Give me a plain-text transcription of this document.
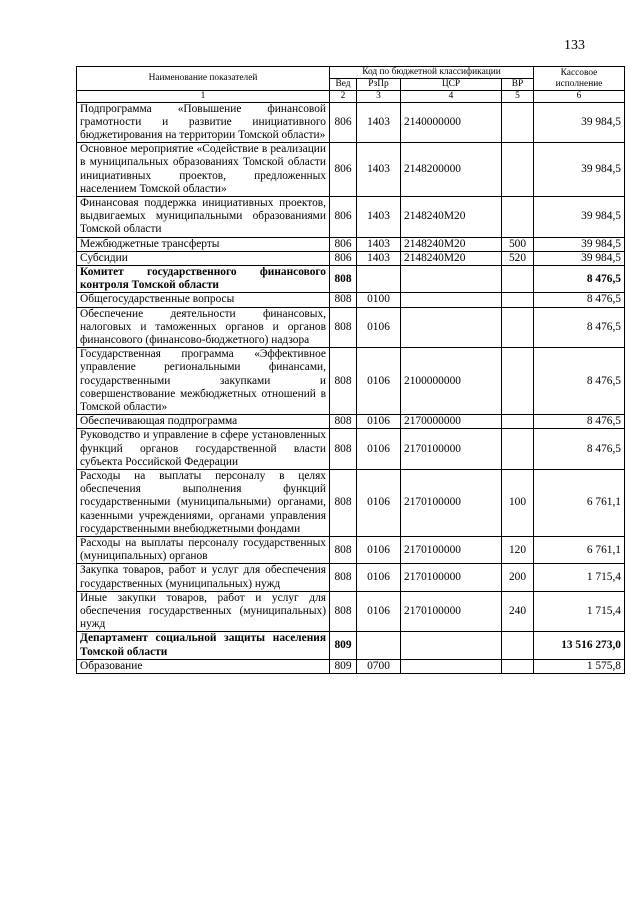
133
Наименование показателей	Код по бюджетной классификации				Кассовое исполнение
	Вед	РзПр	ЦСР	ВР	
1	2	3	4	5	6
Подпрограмма «Повышение финансовой грамотности и развитие инициативного бюджетирования на территории Томской области»	806	1403	2140000000		39 984,5
Основное мероприятие «Содействие в реализации в муниципальных образованиях Томской области инициативных проектов, предложенных населением Томской области»	806	1403	2148200000		39 984,5
Финансовая поддержка инициативных проектов, выдвигаемых муниципальными образованиями Томской области	806	1403	2148240M20		39 984,5
Межбюджетные трансферты	806	1403	2148240M20	500	39 984,5
Субсидии	806	1403	2148240M20	520	39 984,5
Комитет государственного финансового контроля Томской области	808				8 476,5
Общегосударственные вопросы	808	0100			8 476,5
Обеспечение деятельности финансовых, налоговых и таможенных органов и органов финансового (финансово-бюджетного) надзора	808	0106			8 476,5
Государственная программа «Эффективное управление региональными финансами, государственными закупками и совершенствование межбюджетных отношений в Томской области»	808	0106	2100000000		8 476,5
Обеспечивающая подпрограмма	808	0106	2170000000		8 476,5
Руководство и управление в сфере установленных функций органов государственной власти субъекта Российской Федерации	808	0106	2170100000		8 476,5
Расходы на выплаты персоналу в целях обеспечения выполнения функций государственными (муниципальными) органами, казенными учреждениями, органами управления государственными внебюджетными фондами	808	0106	2170100000	100	6 761,1
Расходы на выплаты персоналу государственных (муниципальных) органов	808	0106	2170100000	120	6 761,1
Закупка товаров, работ и услуг для обеспечения государственных (муниципальных) нужд	808	0106	2170100000	200	1 715,4
Иные закупки товаров, работ и услуг для обеспечения государственных (муниципальных) нужд	808	0106	2170100000	240	1 715,4
Департамент социальной защиты населения Томской области	809				13 516 273,0
Образование	809	0700			1 575,8
